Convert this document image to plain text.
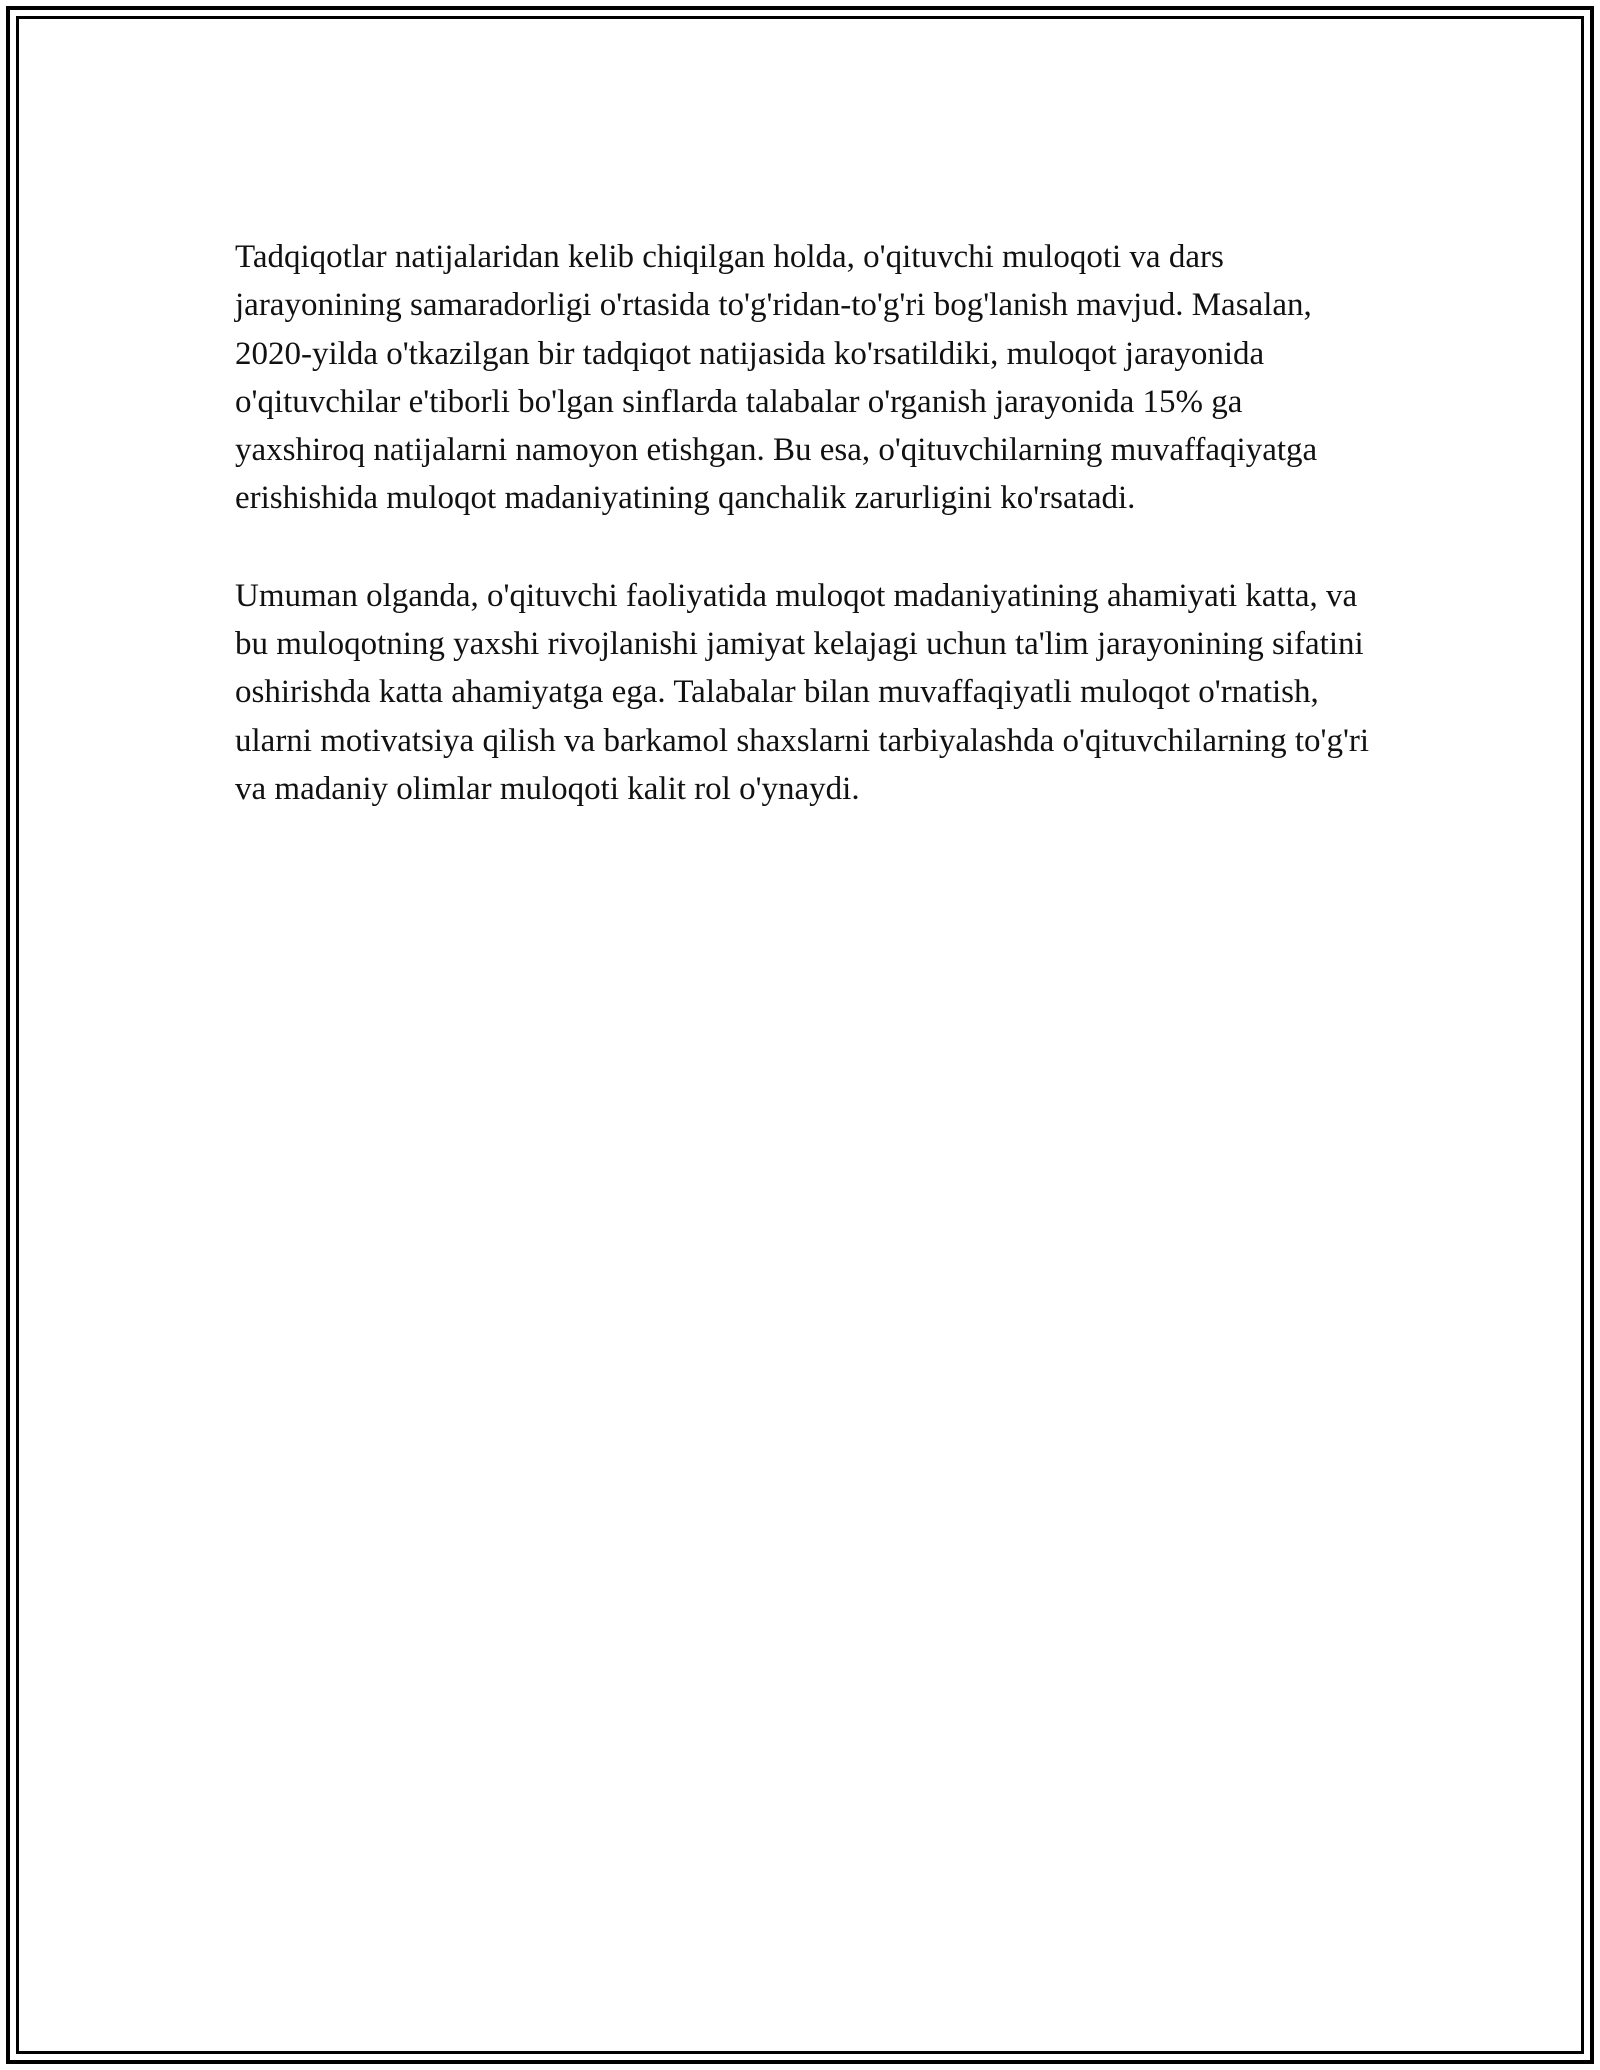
Tadqiqotlar natijalaridan kelib chiqilgan holda, o'qituvchi muloqoti va dars jarayonining samaradorligi o'rtasida to'g'ridan-to'g'ri bog'lanish mavjud. Masalan, 2020-yilda o'tkazilgan bir tadqiqot natijasida ko'rsatildiki, muloqot jarayonida o'qituvchilar e'tiborli bo'lgan sinflarda talabalar o'rganish jarayonida 15% ga yaxshiroq natijalarni namoyon etishgan. Bu esa, o'qituvchilarning muvaffaqiyatga erishishida muloqot madaniyatining qanchalik zarurligini ko'rsatadi.

Umuman olganda, o'qituvchi faoliyatida muloqot madaniyatining ahamiyati katta, va bu muloqotning yaxshi rivojlanishi jamiyat kelajagi uchun ta'lim jarayonining sifatini oshirishda katta ahamiyatga ega. Talabalar bilan muvaffaqiyatli muloqot o'rnatish, ularni motivatsiya qilish va barkamol shaxslarni tarbiyalashda o'qituvchilarning to'g'ri va madaniy olimlar muloqoti kalit rol o'ynaydi.
